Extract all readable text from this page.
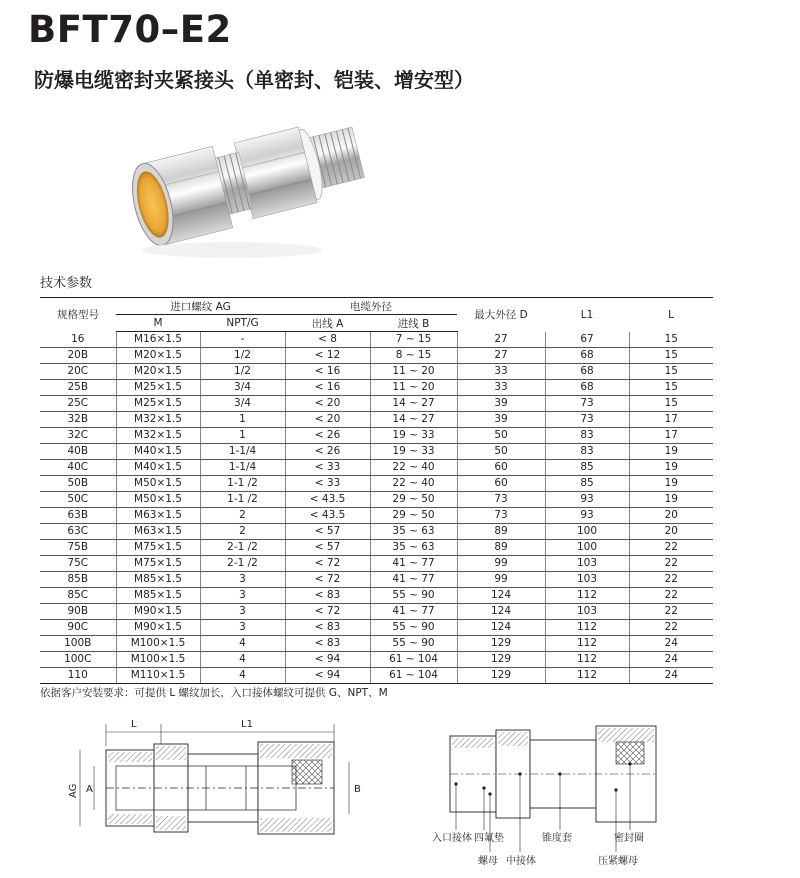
BFT70–E2
防爆电缆密封夹紧接头（单密封、铠装、增安型）
技术参数
规格型号	进口螺纹 AG		电缆外径		最大外径 D	L1	L
	M	NPT/G	出线 A	进线 B			
16	M16×1.5	-	< 8	7 ~ 15	27	67	15
20B	M20×1.5	1/2	< 12	8 ~ 15	27	68	15
20C	M20×1.5	1/2	< 16	11 ~ 20	33	68	15
25B	M25×1.5	3/4	< 16	11 ~ 20	33	68	15
25C	M25×1.5	3/4	< 20	14 ~ 27	39	73	15
32B	M32×1.5	1	< 20	14 ~ 27	39	73	17
32C	M32×1.5	1	< 26	19 ~ 33	50	83	17
40B	M40×1.5	1-1/4	< 26	19 ~ 33	50	83	19
40C	M40×1.5	1-1/4	< 33	22 ~ 40	60	85	19
50B	M50×1.5	1-1 /2	< 33	22 ~ 40	60	85	19
50C	M50×1.5	1-1 /2	< 43.5	29 ~ 50	73	93	19
63B	M63×1.5	2	< 43.5	29 ~ 50	73	93	20
63C	M63×1.5	2	< 57	35 ~ 63	89	100	20
75B	M75×1.5	2-1 /2	< 57	35 ~ 63	89	100	22
75C	M75×1.5	2-1 /2	< 72	41 ~ 77	99	103	22
85B	M85×1.5	3	< 72	41 ~ 77	99	103	22
85C	M85×1.5	3	< 83	55 ~ 90	124	112	22
90B	M90×1.5	3	< 72	41 ~ 77	124	103	22
90C	M90×1.5	3	< 83	55 ~ 90	124	112	22
100B	M100×1.5	4	< 83	55 ~ 90	129	112	24
100C	M100×1.5	4	< 94	61 ~ 104	129	112	24
110	M110×1.5	4	< 94	61 ~ 104	129	112	24
依据客户安装要求：可提供 L 螺纹加长，入口接体螺纹可提供 G、NPT、M
L	L1
AG A	B
入口接体 四氟垫	锥度套	密封圈
螺母 中接体	压紧螺母
